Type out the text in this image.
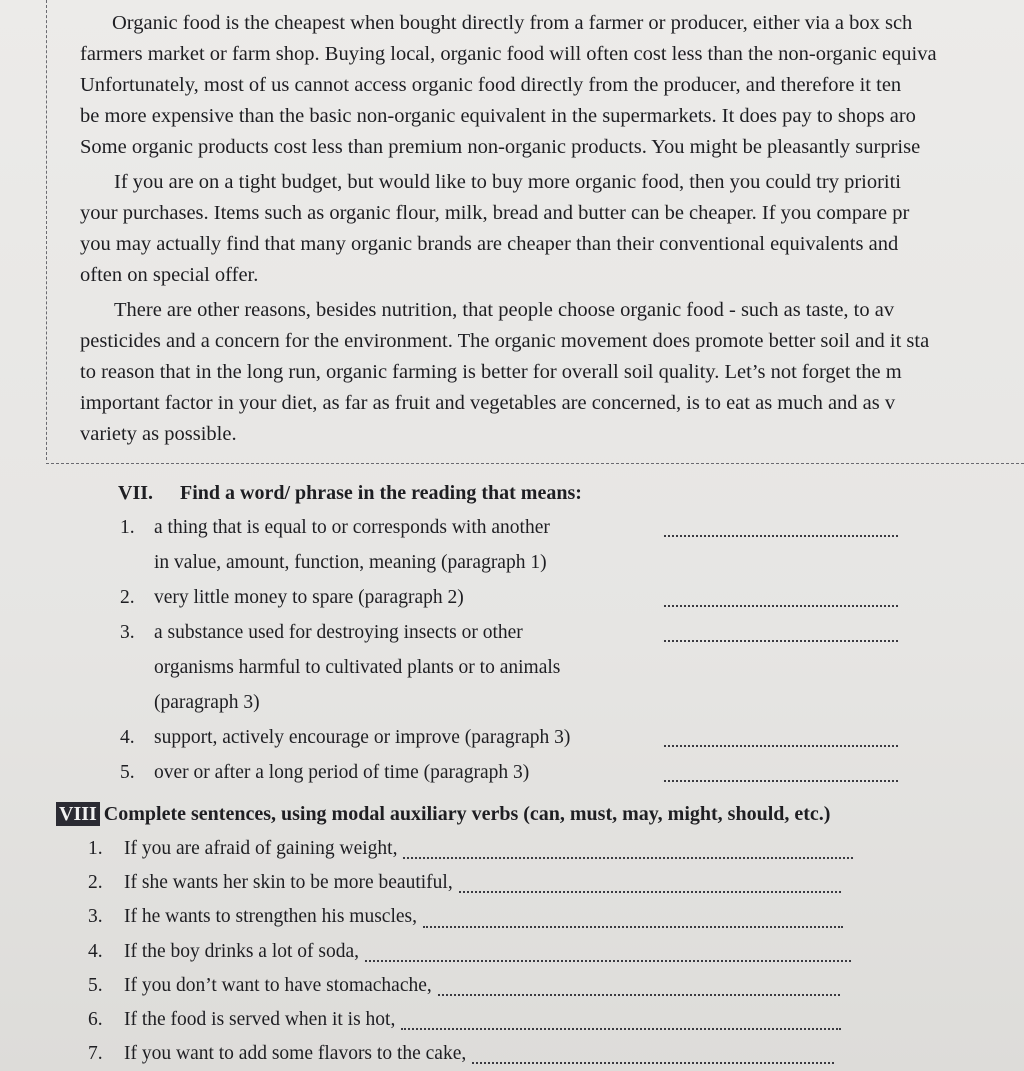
Organic food is the cheapest when bought directly from a farmer or producer, either via a box sch
farmers market or farm shop. Buying local, organic food will often cost less than the non-organic equiva
Unfortunately, most of us cannot access organic food directly from the producer, and therefore it ten
be more expensive than the basic non-organic equivalent in the supermarkets. It does pay to shops aro
Some organic products cost less than premium non-organic products. You might be pleasantly surprise
If you are on a tight budget, but would like to buy more organic food, then you could try prioriti
your purchases. Items such as organic flour, milk, bread and butter can be cheaper. If you compare pr
you may actually find that many organic brands are cheaper than their conventional equivalents and
often on special offer.
There are other reasons, besides nutrition, that people choose organic food - such as taste, to av
pesticides and a concern for the environment. The organic movement does promote better soil and it sta
to reason that in the long run, organic farming is better for overall soil quality. Let’s not forget the m
important factor in your diet, as far as fruit and vegetables are concerned, is to eat as much and as v
variety as possible.
VII. Find a word/ phrase in the reading that means:
1. a thing that is equal to or corresponds with another
in value, amount, function, meaning (paragraph 1)
2. very little money to spare (paragraph 2)
3. a substance used for destroying insects or other
organisms harmful to cultivated plants or to animals
(paragraph 3)
4. support, actively encourage or improve (paragraph 3)
5. over or after a long period of time (paragraph 3)
VIII Complete sentences, using modal auxiliary verbs (can, must, may, might, should, etc.)
1. If you are afraid of gaining weight,
2. If she wants her skin to be more beautiful,
3. If he wants to strengthen his muscles,
4. If the boy drinks a lot of soda,
5. If you don’t want to have stomachache,
6. If the food is served when it is hot,
7. If you want to add some flavors to the cake,
